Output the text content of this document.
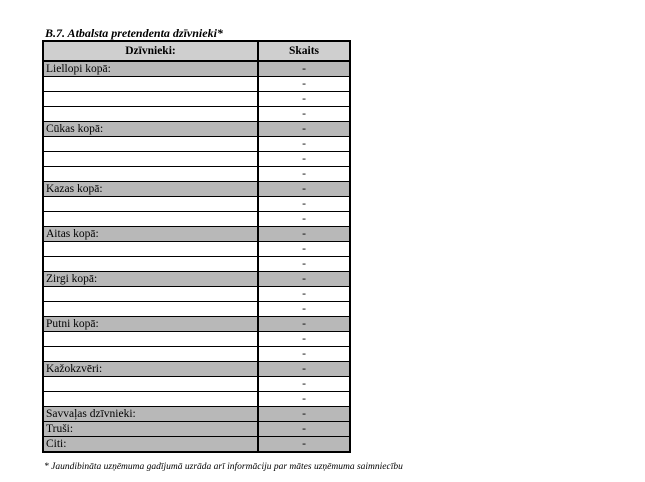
B.7. Atbalsta pretendenta dzīvnieki*
Dzīvnieki:	Skaits
Liellopi kopā:	-
	-
	-
	-
Cūkas kopā:	-
	-
	-
	-
Kazas kopā:	-
	-
	-
Aitas kopā:	-
	-
	-
Zirgi kopā:	-
	-
	-
Putni kopā:	-
	-
	-
Kažokzvēri:	-
	-
	-
Savvaļas dzīvnieki:	-
Truši:	-
Citi:	-
* Jaundibināta uzņēmuma gadījumā uzrāda arī informāciju par mātes uzņēmuma saimniecību
